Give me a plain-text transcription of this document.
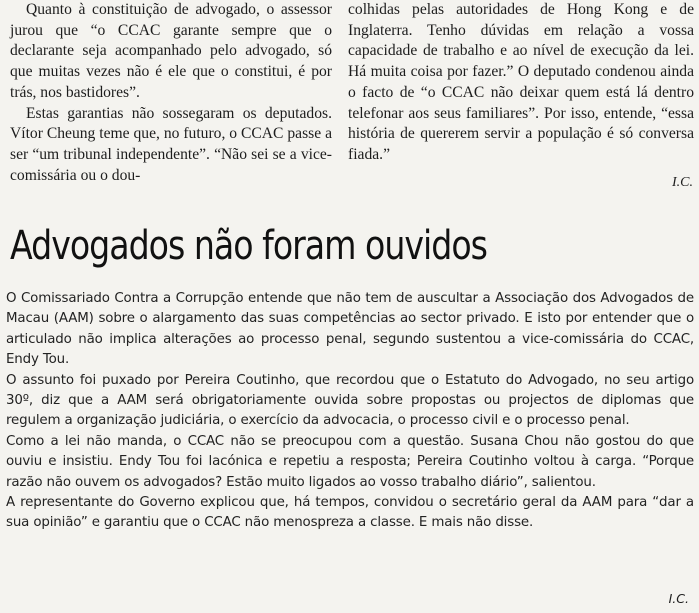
Quanto à constituição de advogado, o assessor jurou que “o CCAC garante sempre que o declarante seja acompanhado pelo advogado, só que muitas vezes não é ele que o constitui, é por trás, nos bastidores”.

Estas garantias não sossegaram os deputados. Vítor Cheung teme que, no futuro, o CCAC passe a ser “um tribunal independente”. “Não sei se a vice-comissária ou o dou-

colhidas pelas autoridades de Hong Kong e de Inglaterra. Tenho dúvidas em relação a vossa capacidade de trabalho e ao nível de execução da lei. Há muita coisa por fazer.” O deputado condenou ainda o facto de “o CCAC não deixar quem está lá dentro telefonar aos seus familiares”. Por isso, entende, “essa história de quererem servir a população é só conversa fiada.”

I.C.
Advogados não foram ouvidos

O Comissariado Contra a Corrupção entende que não tem de auscultar a Associação dos Advogados de Macau (AAM) sobre o alargamento das suas competências ao sector privado. E isto por entender que o articulado não implica alterações ao processo penal, segundo sustentou a vice-comissária do CCAC, Endy Tou.

O assunto foi puxado por Pereira Coutinho, que recordou que o Estatuto do Advogado, no seu artigo 30º, diz que a AAM será obrigatoriamente ouvida sobre propostas ou projectos de diplomas que regulem a organização judiciária, o exercício da advocacia, o processo civil e o processo penal.

Como a lei não manda, o CCAC não se preocupou com a questão. Susana Chou não gostou do que ouviu e insistiu. Endy Tou foi lacónica e repetiu a resposta; Pereira Coutinho voltou à carga. “Porque razão não ouvem os advogados? Estão muito ligados ao vosso trabalho diário”, salientou.

A representante do Governo explicou que, há tempos, convidou o secretário geral da AAM para “dar a sua opinião” e garantiu que o CCAC não menospreza a classe. E mais não disse.

I.C.
